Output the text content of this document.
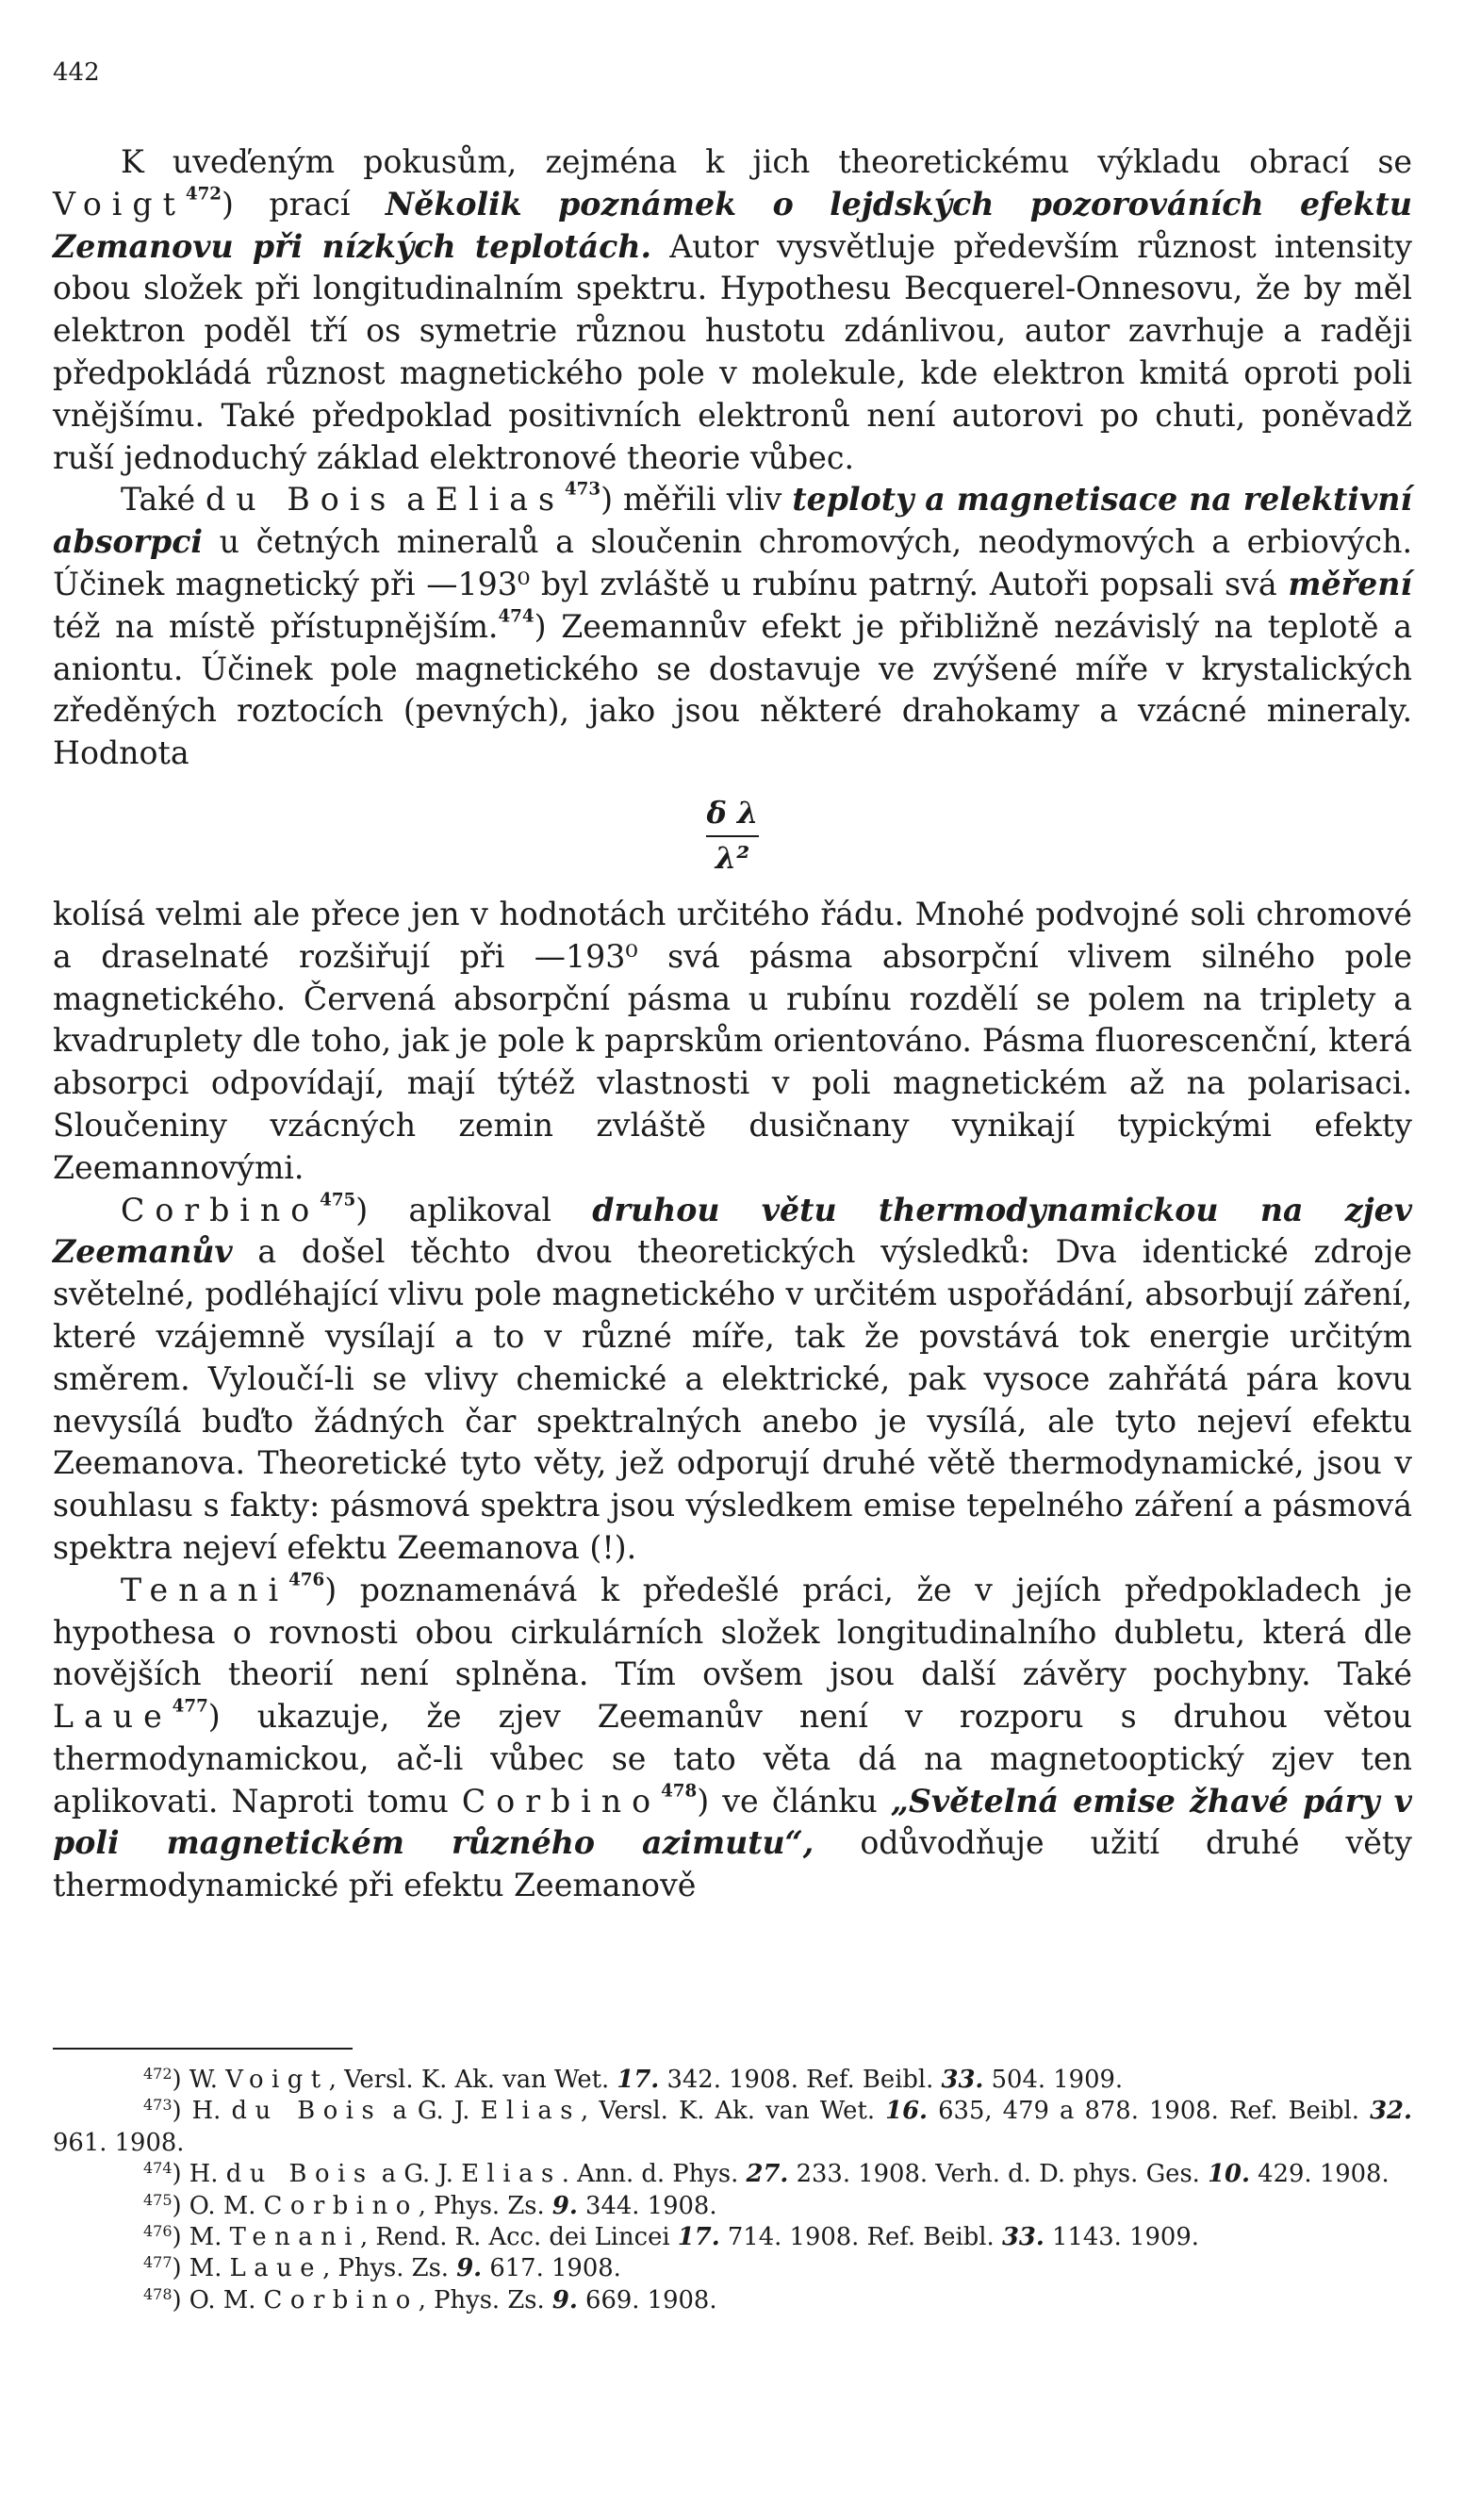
442

K uveďeným pokusům, zejména k jich theoretickému výkladu obrací se Voigt$^{472}$) prací Několik poznámek o lejdských pozorováních efektu Zemanovu při nízkých teplotách. Autor vysvětluje především různost intensity obou složek při longitudinalním spektru. Hypothesu Becquerel-Onnesovu, že by měl elektron poděl tří os symetrie různou hustotu zdánlivou, autor zavrhuje a raději předpokládá různost magnetického pole v molekule, kde elektron kmitá oproti poli vnějšímu. Také předpoklad positivních elektronů není autorovi po chuti, poněvadž ruší jednoduchý základ elektronové theorie vůbec.

Také du Bois a Elias$^{473}$) měřili vliv teploty a magnetisace na relektivní absorpci u četných mineralů a sloučenin chromových, neodymových a erbiových. Účinek magnetický při —193⁰ byl zvláště u rubínu patrný. Autoři popsali svá měření též na místě přístupnějším.$^{474}$) Zeemannův efekt je přibližně nezávislý na teplotě a aniontu. Účinek pole magnetického se dostavuje ve zvýšené míře v krystalických zředěných roztocích (pevných), jako jsou některé drahokamy a vzácné mineraly. Hodnota

δ λ
λ²

kolísá velmi ale přece jen v hodnotách určitého řádu. Mnohé podvojné soli chromové a draselnaté rozšiřují při —193⁰ svá pásma absorpční vlivem silného pole magnetického. Červená absorpční pásma u rubínu rozdělí se polem na triplety a kvadruplety dle toho, jak je pole k paprskům orientováno. Pásma fluorescenční, která absorpci odpovídají, mají týtéž vlastnosti v poli magnetickém až na polarisaci. Sloučeniny vzácných zemin zvláště dusičnany vynikají typickými efekty Zeemannovými.

Corbino$^{475}$) aplikoval druhou větu thermodynamickou na zjev Zeemanův a došel těchto dvou theoretických výsledků: Dva identické zdroje světelné, podléhající vlivu pole magnetického v určitém uspořádání, absorbují záření, které vzájemně vysílají a to v různé míře, tak že povstává tok energie určitým směrem. Vyloučí-li se vlivy chemické a elektrické, pak vysoce zahřátá pára kovu nevysílá buďto žádných čar spektralných anebo je vysílá, ale tyto nejeví efektu Zeemanova. Theoretické tyto věty, jež odporují druhé větě thermodynamické, jsou v souhlasu s fakty: pásmová spektra jsou výsledkem emise tepelného záření a pásmová spektra nejeví efektu Zeemanova (!).

Tenani$^{476}$) poznamenává k předešlé práci, že v jejích předpokladech je hypothesa o rovnosti obou cirkulárních složek longitudinalního dubletu, která dle novějších theorií není splněna. Tím ovšem jsou další závěry pochybny. Také Laue$^{477}$) ukazuje, že zjev Zeemanův není v rozporu s druhou větou thermodynamickou, ač-li vůbec se tato věta dá na magnetooptický zjev ten aplikovati. Naproti tomu Corbino$^{478}$) ve článku „Světelná emise žhavé páry v poli magnetickém různého azimutu“, odůvodňuje užití druhé věty thermodynamické při efektu Zeemanově

$^{472}$) W. Voigt, Versl. K. Ak. van Wet. 17. 342. 1908. Ref. Beibl. 33. 504. 1909.

$^{473}$) H. du Bois a G. J. Elias, Versl. K. Ak. van Wet. 16. 635, 479 a 878. 1908. Ref. Beibl. 32. 961. 1908.

$^{474}$) H. du Bois a G. J. Elias. Ann. d. Phys. 27. 233. 1908. Verh. d. D. phys. Ges. 10. 429. 1908.

$^{475}$) O. M. Corbino, Phys. Zs. 9. 344. 1908.

$^{476}$) M. Tenani, Rend. R. Acc. dei Lincei 17. 714. 1908. Ref. Beibl. 33. 1143. 1909.

$^{477}$) M. Laue, Phys. Zs. 9. 617. 1908.

$^{478}$) O. M. Corbino, Phys. Zs. 9. 669. 1908.
